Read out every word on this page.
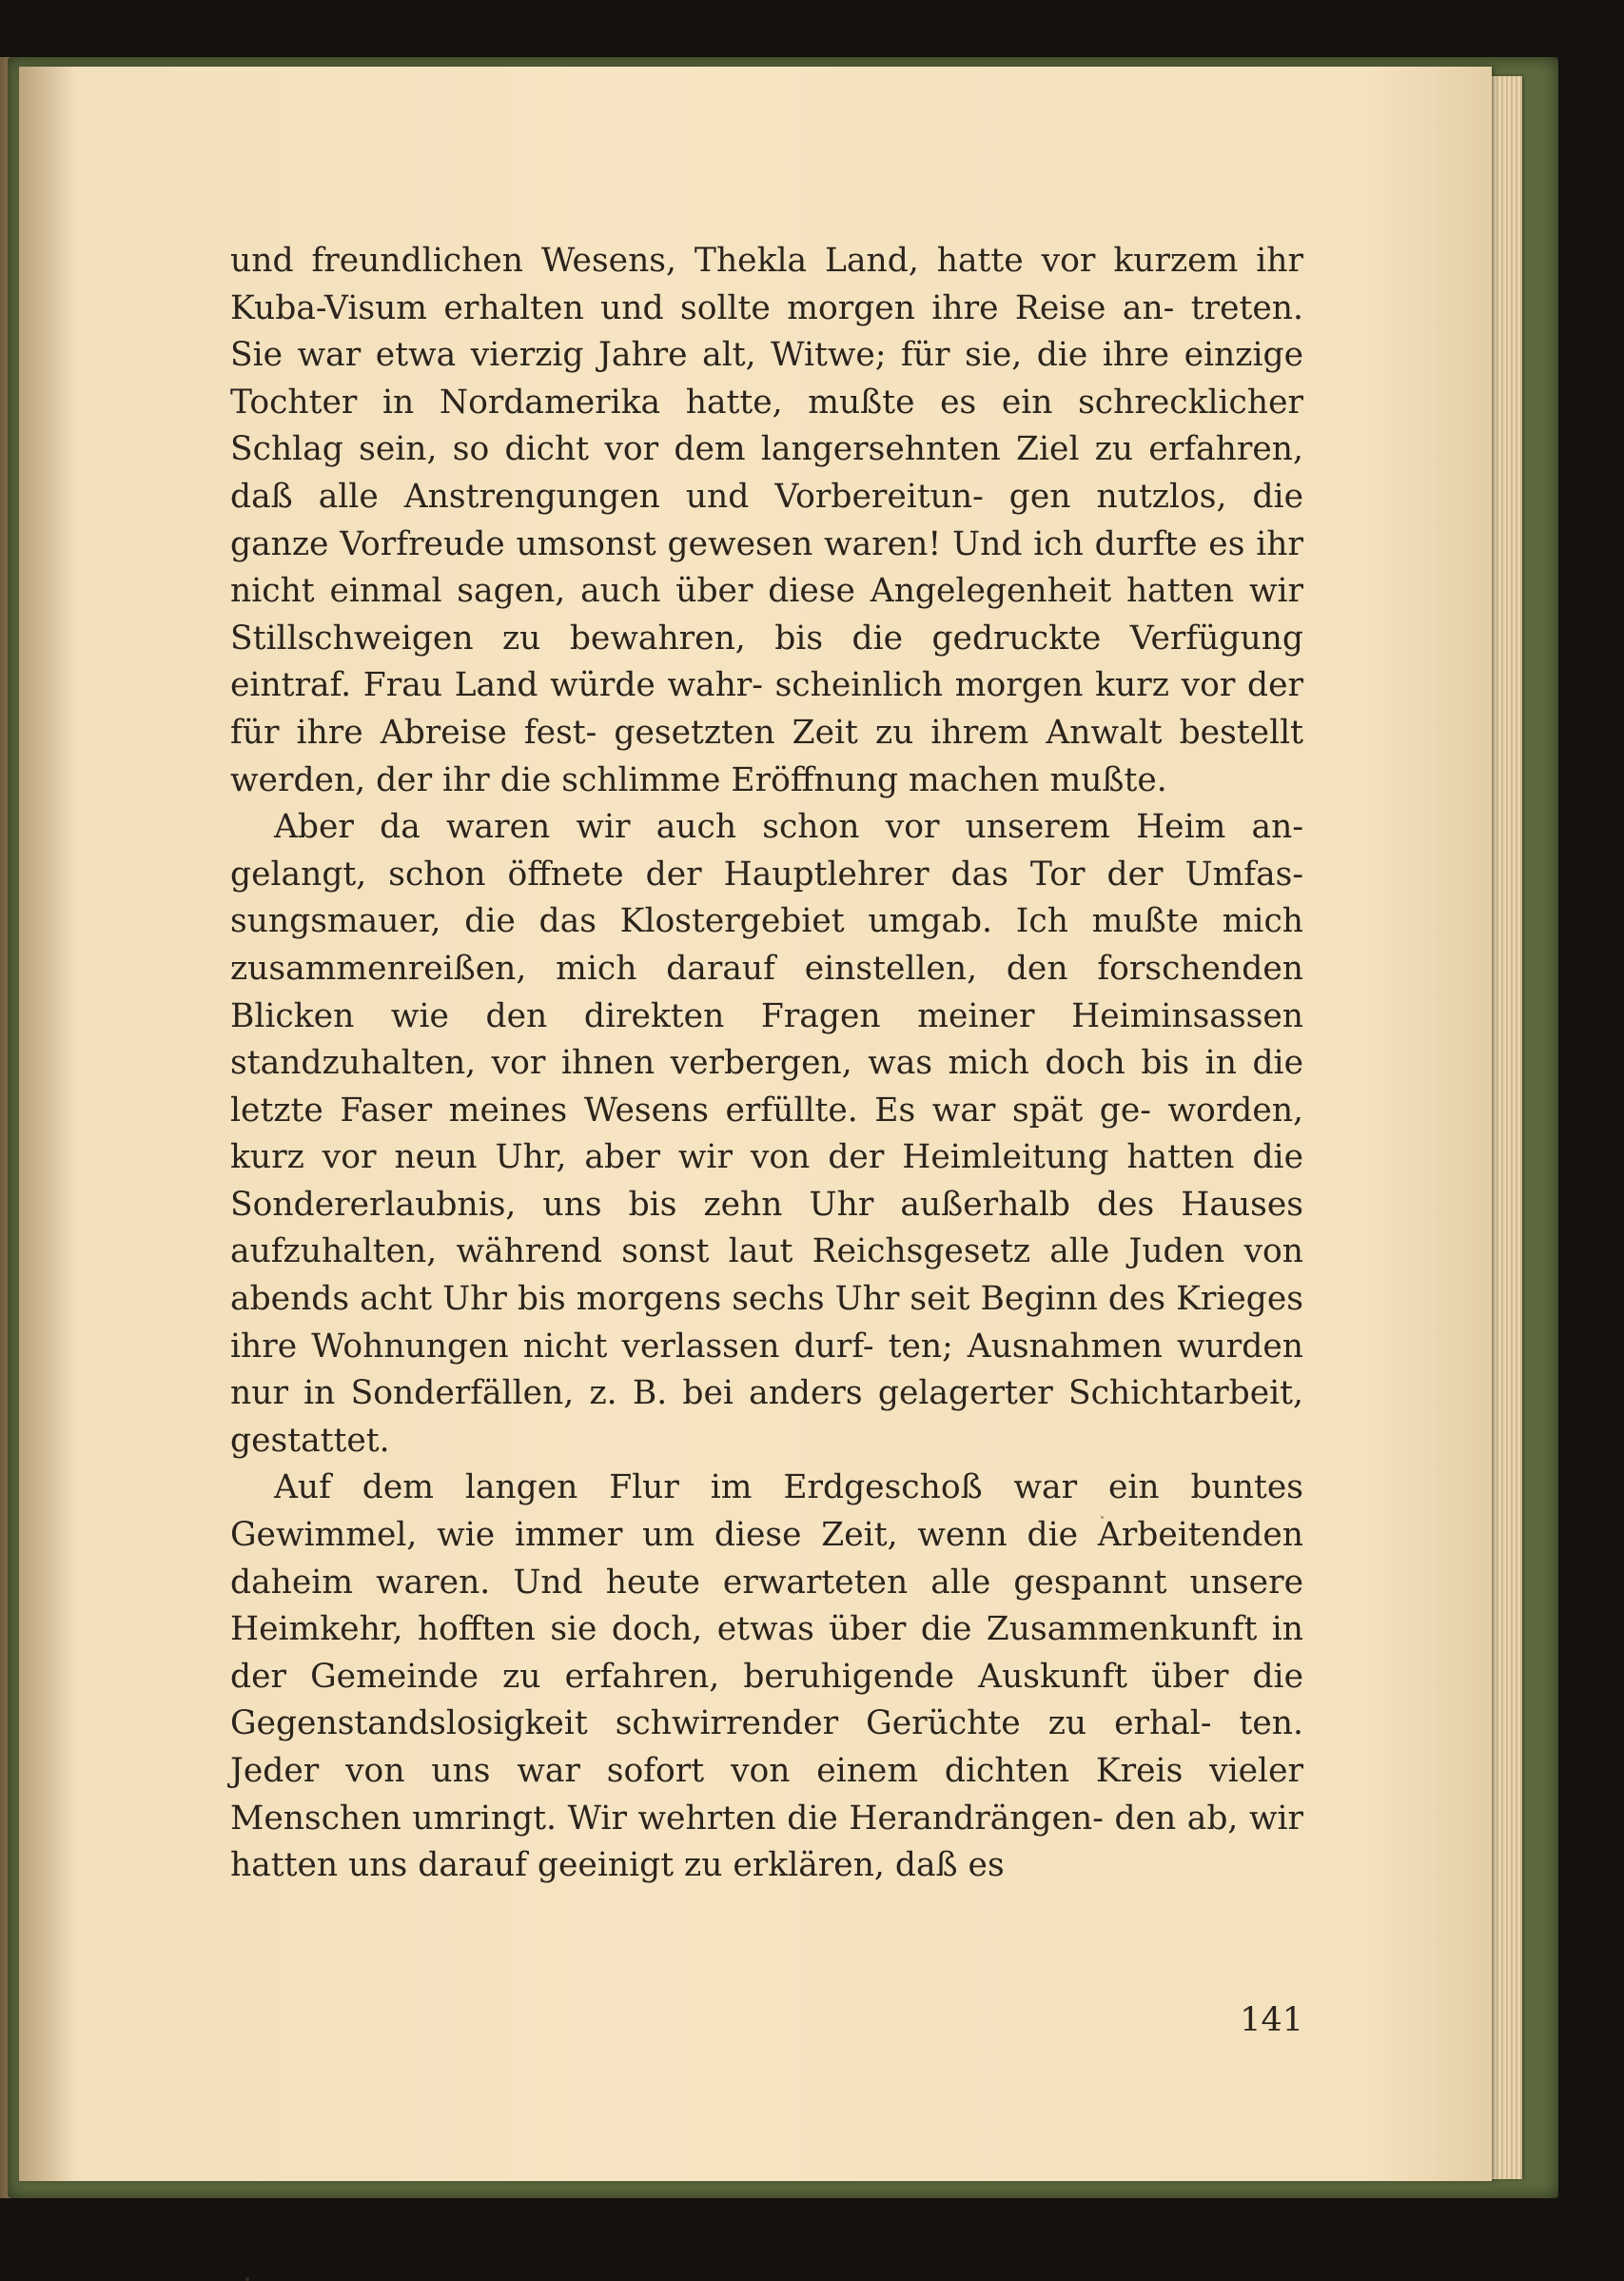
und freundlichen Wesens, Thekla Land, hatte vor kurzem ihr Kuba-Visum erhalten und sollte morgen ihre Reise an- treten. Sie war etwa vierzig Jahre alt, Witwe; für sie, die ihre einzige Tochter in Nordamerika hatte, mußte es ein schrecklicher Schlag sein, so dicht vor dem langersehnten Ziel zu erfahren, daß alle Anstrengungen und Vorbereitun- gen nutzlos, die ganze Vorfreude umsonst gewesen waren! Und ich durfte es ihr nicht einmal sagen, auch über diese Angelegenheit hatten wir Stillschweigen zu bewahren, bis die gedruckte Verfügung eintraf. Frau Land würde wahr- scheinlich morgen kurz vor der für ihre Abreise fest- gesetzten Zeit zu ihrem Anwalt bestellt werden, der ihr die schlimme Eröffnung machen mußte.

Aber da waren wir auch schon vor unserem Heim an- gelangt, schon öffnete der Hauptlehrer das Tor der Umfas- sungsmauer, die das Klostergebiet umgab. Ich mußte mich zusammenreißen, mich darauf einstellen, den forschenden Blicken wie den direkten Fragen meiner Heiminsassen standzuhalten, vor ihnen verbergen, was mich doch bis in die letzte Faser meines Wesens erfüllte. Es war spät ge- worden, kurz vor neun Uhr, aber wir von der Heimleitung hatten die Sondererlaubnis, uns bis zehn Uhr außerhalb des Hauses aufzuhalten, während sonst laut Reichsgesetz alle Juden von abends acht Uhr bis morgens sechs Uhr seit Beginn des Krieges ihre Wohnungen nicht verlassen durf- ten; Ausnahmen wurden nur in Sonderfällen, z. B. bei anders gelagerter Schichtarbeit, gestattet.

Auf dem langen Flur im Erdgeschoß war ein buntes Gewimmel, wie immer um diese Zeit, wenn die Arbeitenden daheim waren. Und heute erwarteten alle gespannt unsere Heimkehr, hofften sie doch, etwas über die Zusammenkunft in der Gemeinde zu erfahren, beruhigende Auskunft über die Gegenstandslosigkeit schwirrender Gerüchte zu erhal- ten. Jeder von uns war sofort von einem dichten Kreis vieler Menschen umringt. Wir wehrten die Herandrängen- den ab, wir hatten uns darauf geeinigt zu erklären, daß es

141
